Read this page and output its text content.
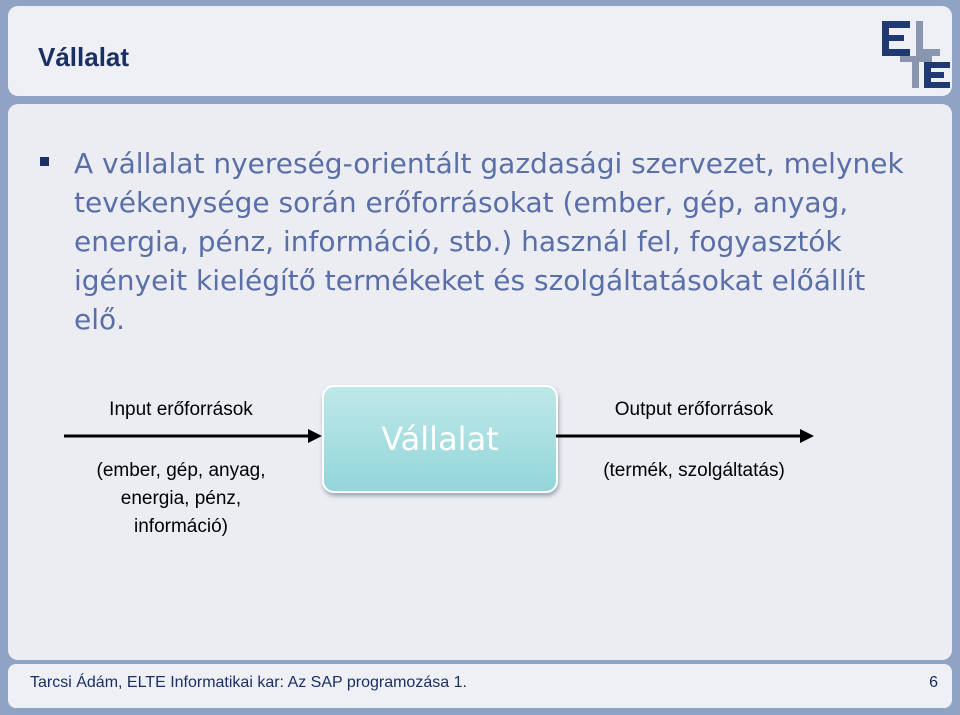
Vállalat

A vállalat nyereség-orientált gazdasági szervezet, melynek tevékenysége során erőforrásokat (ember, gép, anyag, energia, pénz, információ, stb.) használ fel, fogyasztók igényeit kielégítő termékeket és szolgáltatásokat előállít elő.

Input erőforrások

(ember, gép, anyag,

energia, pénz,

információ)

Vállalat

Output erőforrások

(termék, szolgáltatás)

Tarcsi Ádám, ELTE Informatikai kar: Az SAP programozása 1.	6
